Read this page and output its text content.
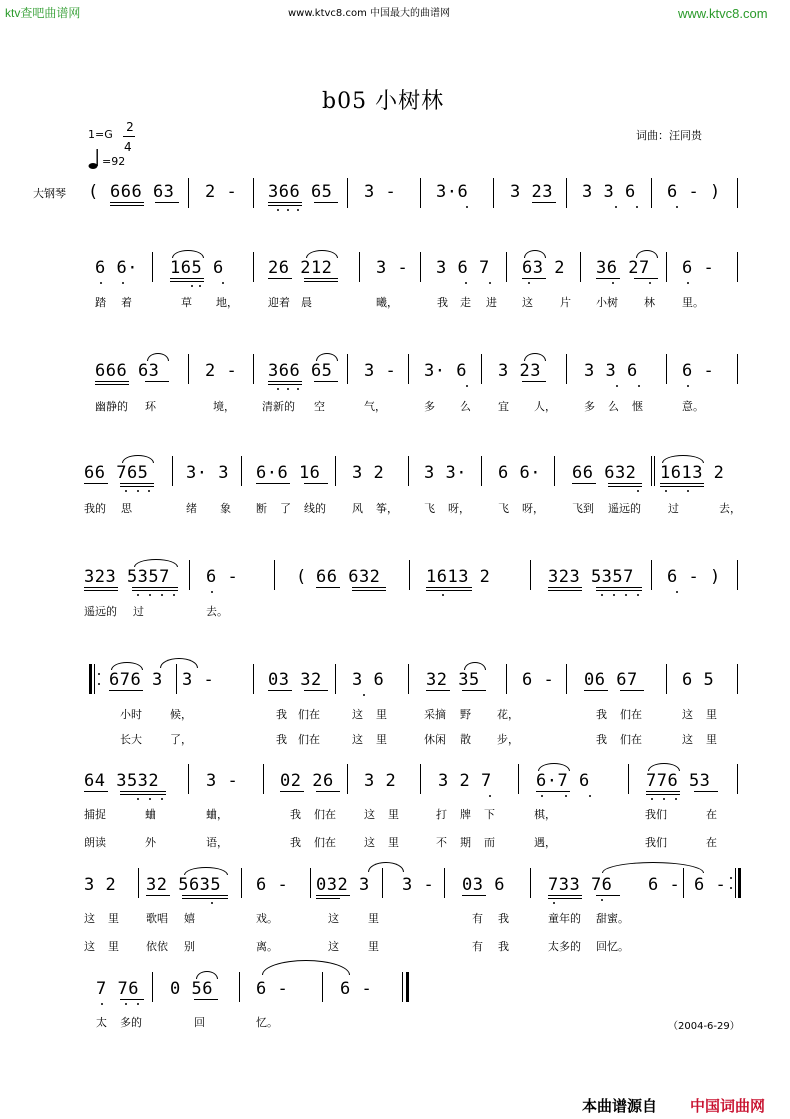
ktv查吧曲谱网	www.ktvc8.com 中国最大的曲谱网	www.ktvc8.com
b05 小树林
词曲：汪同贵
1=G
2
4
=92
大钢琴 ( 666 63 2 - 366 65 3 - 3·6 3 23 3 3 6 6 - )
6 6· 165 6	26 212	3 - 3 6 7 63 2 36 27 6 -
踏 着	草 地，	迎着 晨	曦，	我 走 进 这 片 小树 林 里。
666 63	2 - 366 65 3 - 3· 6 3 23	3 3 6	6 -
幽静的 环	境， 清新的 空	气，	多 么 宜 人，	多 么 惬	意。
66 765 3· 3 6·6 16 3 2 3 3· 6 6· 66 632 1613 2
我的 思	绪 象 断 了 线的 风 筝， 飞 呀，	飞 呀，	飞到 遥远的 过	去，
323 5357 6 -	( 66 632	1613 2	323 5357 6 - )
遥远的 过	去。
676 3 3 -	03 32 3 6 32 35 6 - 06 67	6 5
小时	候，	我 们在	这 里	采摘 野 花，	我 们在	这 里
长大	了，	我 们在	这 里	休闲 散 步，	我 们在	这 里
64 3532	3 - 02 26 3 2 3 2 7	6·7 6	776 53
捕捉	蛐	蛐，	我 们在	这 里	打 牌 下	棋，	我们	在
朗读	外	语，	我 们在	这 里	不 期 而	遇，	我们	在
3 2 32 5635 6 - 032 3 3 - 03 6	733 76 6 - 6 -
这 里 歌唱 嬉	戏。	这	里	有 我	童年的 甜蜜。
这 里 依依 别	离。	这	里	有 我	太多的 回忆。
7 76 0 56	6 -	6 -
太 多的	回	忆。	（2004-6-29）
本曲谱源自 中国词曲网
